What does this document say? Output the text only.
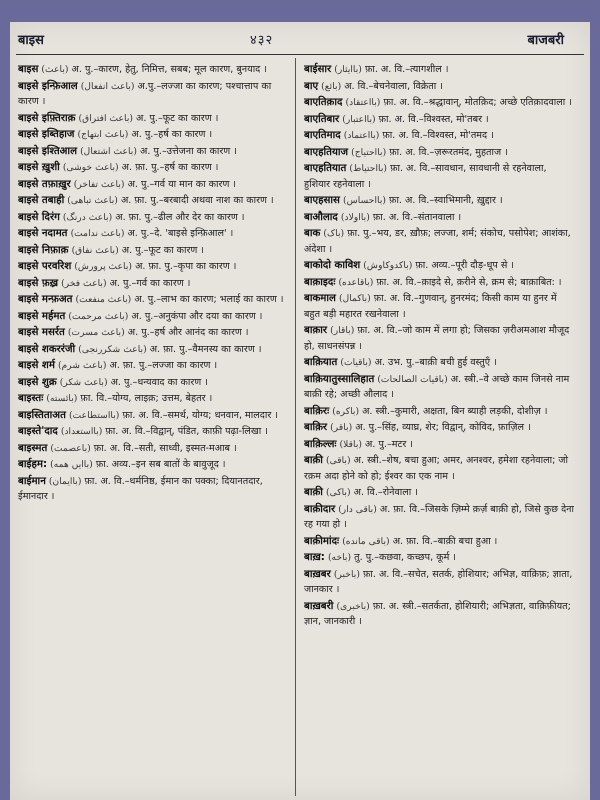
बाइस	४३२	बाजबरी
बाइस (باعث) अ. पु.–कारण, हेतु, निमित्त, सबब; मूल कारण, बुनयाद ।
बाइसे इन्फ़िआल (باعث انفعال) अ.पु.–लज्जा का कारण; पश्चात्ताप का कारण ।
बाइसे इफ़्तिराक़ (باعث افتراق) अ. पु.–फूट का कारण ।
बाइसे इब्तिहाज (باعث ابتهاج) अ. पु.–हर्ष का कारण ।
बाइसे इश्तिआल (باعث اشتعال) अ. पु.–उत्तेजना का कारण ।
बाइसे ख़ुशी (باعث خوشی) अ. फ़ा. पु.–हर्ष का कारण ।
बाइसे तफ़ाख़ुर (باعث تفاخر) अ. पु.–गर्व या मान का कारण ।
बाइसे तबाही (باعث تباهی) अ. फ़ा. पु.–बरबादी अथवा नाश का कारण ।
बाइसे दिरंग (باعث درنگ) अ. फ़ा. पु.–ढील और देर का कारण ।
बाइसे नदामत (باعث ندامت) अ. पु.–दे. 'बाइसे इन्फ़िआल' ।
बाइसे निफ़ाक़ (باعث نفاق) अ. पु.–फूट का कारण ।
बाइसे परवरिश (باعث پرورش) अ. फ़ा. पु.–कृपा का कारण ।
बाइसे फ़ख़्र (باعث فخر) अ. पु.–गर्व का कारण ।
बाइसे मन्फ़अत (باعث منفعت) अ. पु.–लाभ का कारण; भलाई का कारण ।
बाइसे मर्हमत (باعث مرحمت) अ. पु.–अनुकंपा और दया का कारण ।
बाइसे मसर्रत (باعث مسرت) अ. पु.–हर्ष और आनंद का कारण ।
बाइसे शकररंजी (باعث شکررنجی) अ. फ़ा. पु.–वैमनस्य का कारण ।
बाइसे शर्म (باعث شرم) अ. फ़ा. पु.–लज्जा का कारण ।
बाइसे शुक्र (باعث شکر) अ. पु.–धन्यवाद का कारण ।
बाइस्तः (بائسته) फ़ा. वि.–योग्य, लाइक़; उत्तम, बेहतर ।
बाइस्तिताअत (بااستطاعت) फ़ा. अ. वि.–समर्थ, योग्य; धनवान, मालदार ।
बाइस्ते'दाद (بااستعداد) फ़ा. अ. वि.–विद्वान्, पंडित, काफ़ी पढ़ा-लिखा ।
बाइस्मत (باعصمت) फ़ा. अ. वि.–सती, साध्वी, इस्मत-मआब ।
बाईहम: (باایں همه) फ़ा. अव्य.–इन सब बातों के बावुजूद ।
बाईमान (باایمان) फ़ा. अ. वि.–धर्मनिष्ठ, ईमान का पक्का; दियानतदार, ईमानदार ।
बाईसार (باایثار) फ़ा. अ. वि.–त्यागशील ।
बाए (بائع) अ. वि.–बेचनेवाला, विक्रेता ।
बाएतिक़ाद (بااعتقاد) फ़ा. अ. वि.–श्रद्धावान्, मोतक़िद; अच्छे एतिक़ादवाला ।
बाएतिबार (بااعتبار) फ़ा. अ. वि.–विश्वस्त, मो'तबर ।
बाएतिमाद (بااعتماد) फ़ा. अ. वि.–विश्वस्त, मो'तमद ।
बाएहतियाज (بااحتیاج) फ़ा. अ. वि.–ज़रूरतमंद, मुहताज ।
बाएहतियात (بااحتیاط) फ़ा. अ. वि.–सावधान, सावधानी से रहनेवाला, हुशियार रहनेवाला ।
बाएहसास (بااحساس) फ़ा. अ. वि.–स्वाभिमानी, ख़ुद्दार ।
बाऔलाद (بااولاد) फ़ा. अ. वि.–संतानवाला ।
बाक (باک) फ़ा. पु.–भय, डर, ख़ौफ़; लज्जा, शर्म; संकोच, पसोपेश; आशंका, अंदेशा ।
बाकोदो काविश (باکدوکاوش) फ़ा. अव्य.–पूरी दौड़-धूप से ।
बाक़ाइदः (باقاعده) फ़ा. अ. वि.–क़ाइदे से, क़रीने से, क्रम से; बाक़ाबित: ।
बाकमाल (باکمال) फ़ा. अ. वि.–गुणवान्, हुनरमंद; किसी काम या हुनर में बहुत बड़ी महारत रखनेवाला ।
बाक़ार (باقار) फ़ा. अ. वि.–जो काम में लगा हो; जिसका ज़रीअमआश मौजूद हो, साधनसंपन्न ।
बाक़ियात (باقیات) अ. उभ. पु.–बाक़ी बची हुई वस्तुएँ ।
बाक़ियातुस्सालिहात (باقیات الصالحات) अ. स्त्री.–वे अच्छे काम जिनसे नाम बाक़ी रहे; अच्छी औलाद ।
बाक़िरः (باکره) अ. स्त्री.–कुमारी, अक्षता, बिन ब्याही लड़की, दोशीज़ ।
बाक़िर (باقر) अ. पु.–सिंह, व्याघ्र, शेर; विद्वान्, कोविद, फ़ाज़िल ।
बाक़िल्लः (باقلا) अ. पु.–मटर ।
बाक़ी (باقی) अ. स्त्री.–शेष, बचा हुआ; अमर, अनश्वर, हमेशा रहनेवाला; जो रक़म अदा होने को हो; ईश्वर का एक नाम ।
बाक़ी (باکی) अ. वि.–रोनेवाला ।
बाक़ीदार (باقی دار) अ. फ़ा. वि.–जिसके ज़िम्मे क़र्ज़ बाक़ी हो, जिसे कुछ देना रह गया हो ।
बाक़ीमांदः (باقی مانده) अ. फ़ा. वि.–बाक़ी बचा हुआ ।
बाख़: (باخه) तु. पु.–कछवा, कच्छप, कूर्म ।
बाख़बर (باخبر) फ़ा. अ. वि.–सचेत, सतर्क, होशियार; अभिज्ञ, वाक़िफ़; ज्ञाता, जानकार ।
बाख़बरी (باخبری) फ़ा. अ. स्त्री.–सतर्कता, होशियारी; अभिज्ञता, वाक़िफ़ीयत; ज्ञान, जानकारी ।
